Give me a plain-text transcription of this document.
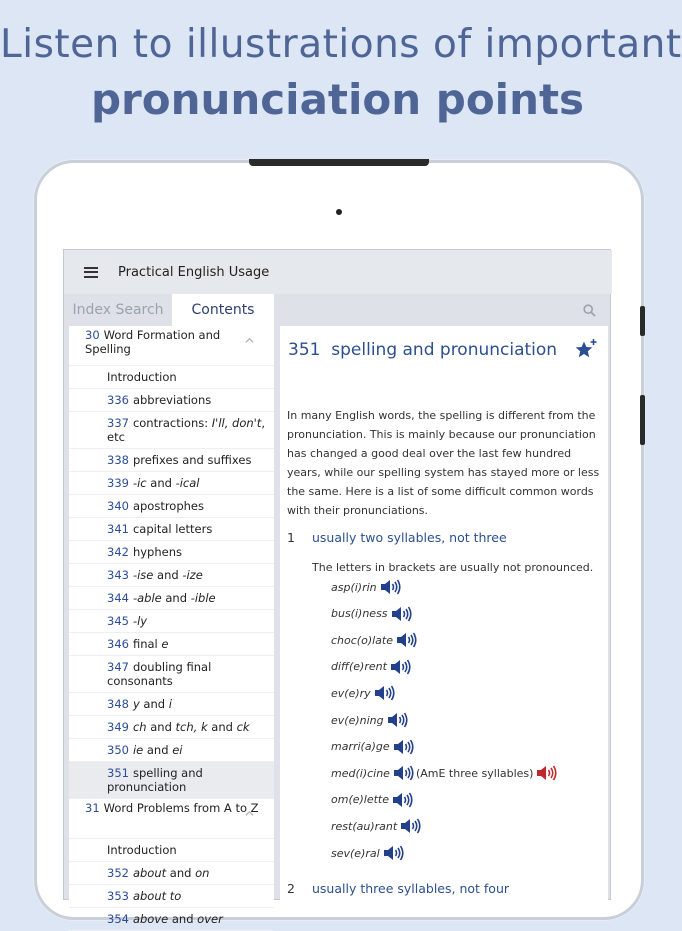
Listen to illustrations of important
pronunciation points
Practical English Usage
Index Search	Contents
30 Word Formation and Spelling
Introduction
336 abbreviations
337 contractions: I'll, don't, etc
338 prefixes and suffixes
339 -ic and -ical
340 apostrophes
341 capital letters
342 hyphens
343 -ise and -ize
344 -able and -ible
345 -ly
346 final e
347 doubling final consonants
348 y and i
349 ch and tch, k and ck
350 ie and ei
351 spelling and pronunciation
31 Word Problems from A to Z
Introduction
352 about and on
353 about to
354 above and over
351 spelling and pronunciation
In many English words, the spelling is different from the pronunciation. This is mainly because our pronunciation has changed a good deal over the last few hundred years, while our spelling system has stayed more or less the same. Here is a list of some difficult common words with their pronunciations.
1 usually two syllables, not three
The letters in brackets are usually not pronounced.
asp(i)rin
bus(i)ness
choc(o)late
diff(e)rent
ev(e)ry
ev(e)ning
marri(a)ge
med(i)cine (AmE three syllables)
om(e)lette
rest(au)rant
sev(e)ral
2 usually three syllables, not four
